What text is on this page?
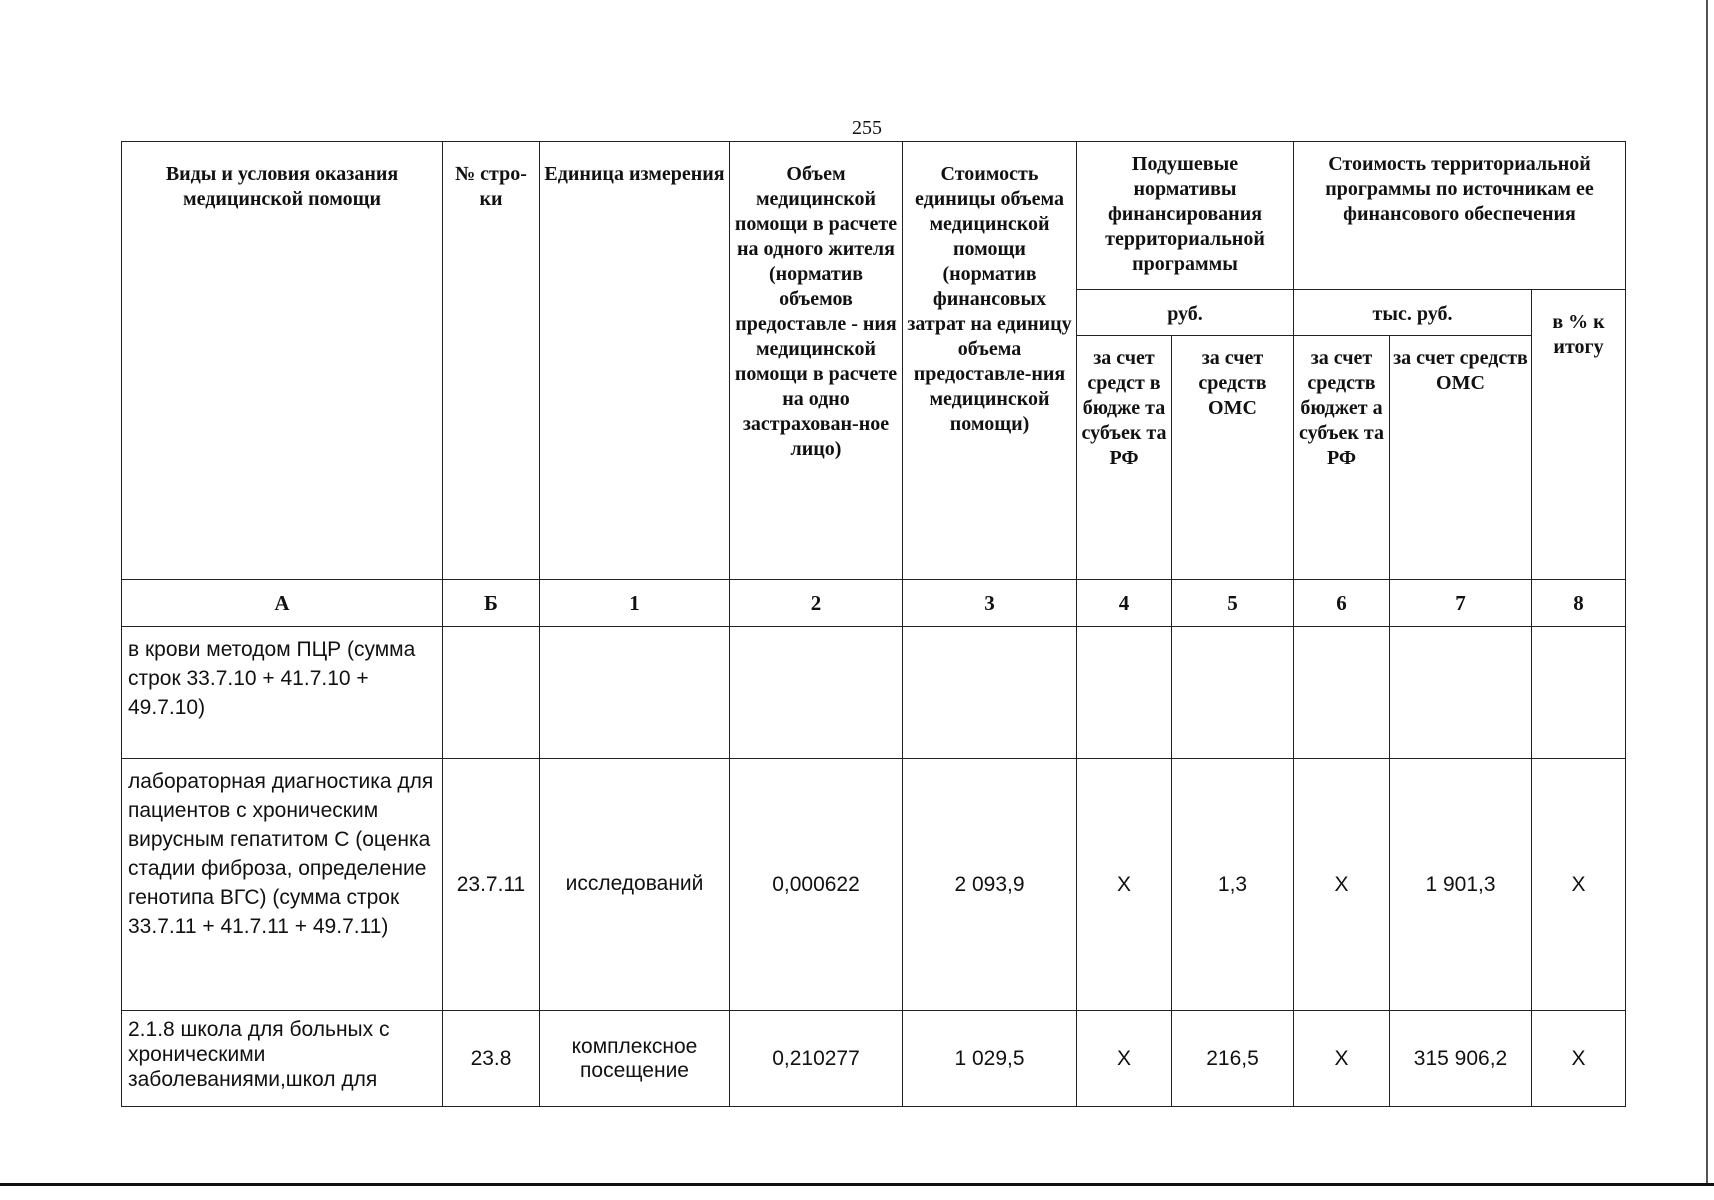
255
Виды и условия оказания медицинской помощи	№ стро-ки	Единица измерения	Объем медицинской помощи в расчете на одного жителя (норматив объемов предоставле - ния медицинской помощи в расчете на одно застрахован-ное лицо)	Стоимость единицы объема медицинской помощи (норматив финансовых затрат на единицу объема предоставле-ния медицинской помощи)	Подушевые нормативы финансирования территориальной программы		Стоимость территориальной программы по источникам ее финансового обеспечения		
					руб.		тыс. руб.		в % к итогу
					за счет средст в бюдже та субъек та РФ	за счет средств ОМС	за счет средств бюджет а субъек та РФ	за счет средств ОМС	
А	Б	1	2	3	4	5	6	7	8
в крови методом ПЦР (сумма строк 33.7.10 + 41.7.10 + 49.7.10)									
лабораторная диагностика для пациентов с хроническим вирусным гепатитом С (оценка стадии фиброза, определение генотипа ВГС) (сумма строк 33.7.11 + 41.7.11 + 49.7.11)	23.7.11	исследований	0,000622	2 093,9	X	1,3	X	1 901,3	X
2.1.8 школа для больных с хроническими заболеваниями,школ для	23.8	комплексное посещение	0,210277	1 029,5	X	216,5	X	315 906,2	X
